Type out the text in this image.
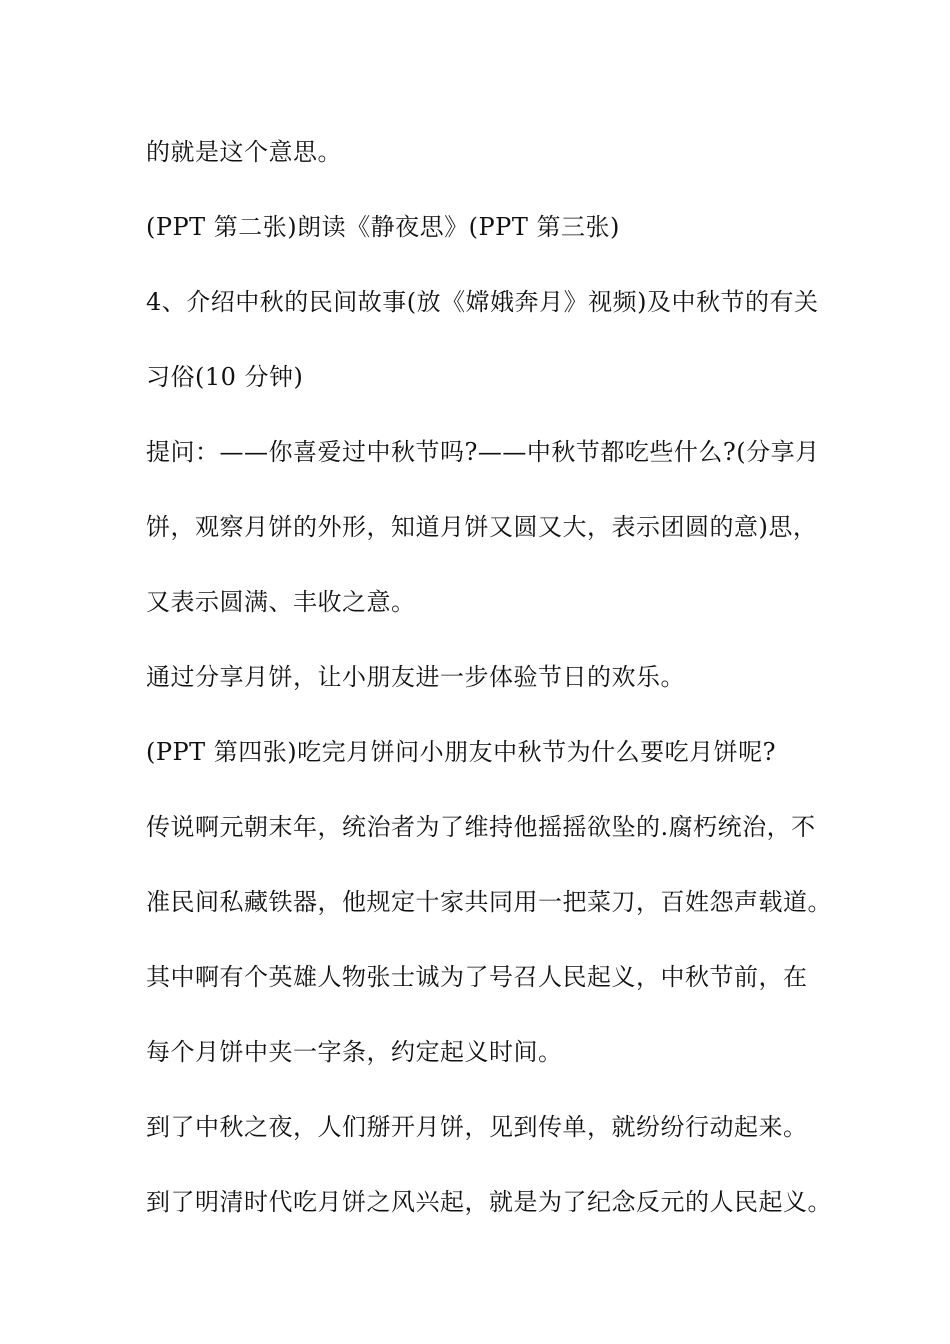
的就是这个意思。
(PPT 第二张)朗读《静夜思》(PPT 第三张)
4、介绍中秋的民间故事(放《嫦娥奔月》视频)及中秋节的有关
习俗(10 分钟)
提问：——你喜爱过中秋节吗?——中秋节都吃些什么?(分享月
饼，观察月饼的外形，知道月饼又圆又大，表示团圆的意)思，
又表示圆满、丰收之意。
通过分享月饼，让小朋友进一步体验节日的欢乐。
(PPT 第四张)吃完月饼问小朋友中秋节为什么要吃月饼呢?
传说啊元朝末年，统治者为了维持他摇摇欲坠的.腐朽统治，不
准民间私藏铁器，他规定十家共同用一把菜刀，百姓怨声载道。
其中啊有个英雄人物张士诚为了号召人民起义，中秋节前，在
每个月饼中夹一字条，约定起义时间。
到了中秋之夜，人们掰开月饼，见到传单，就纷纷行动起来。
到了明清时代吃月饼之风兴起，就是为了纪念反元的人民起义。
